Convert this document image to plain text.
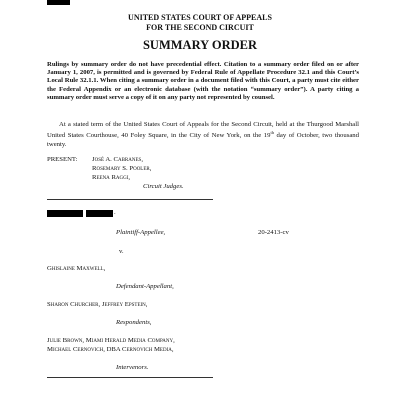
UNITED STATES COURT OF APPEALS
FOR THE SECOND CIRCUIT
SUMMARY ORDER
Rulings by summary order do not have precedential effect. Citation to a summary order filed on or after January 1, 2007, is permitted and is governed by Federal Rule of Appellate Procedure 32.1 and this Court’s Local Rule 32.1.1. When citing a summary order in a document filed with this Court, a party must cite either the Federal Appendix or an electronic database (with the notation “summary order”). A party citing a summary order must serve a copy of it on any party not represented by counsel.
At a stated term of the United States Court of Appeals for the Second Circuit, held at the Thurgood Marshall United States Courthouse, 40 Foley Square, in the City of New York, on the 19th day of October, two thousand twenty.
PRESENT: José A. Cabranes,
Rosemary S. Pooler,
Reena Raggi,
Circuit Judges.
.
Plaintiff-Appellee,	20-2413-cv
v.
Ghislaine Maxwell,
Defendant-Appellant,
Sharon Churcher, Jeffrey Epstein,
Respondents,
Julie Brown, Miami Herald Media Company,
Michael Cernovich, DBA Cernovich Media,
Intervenors.
